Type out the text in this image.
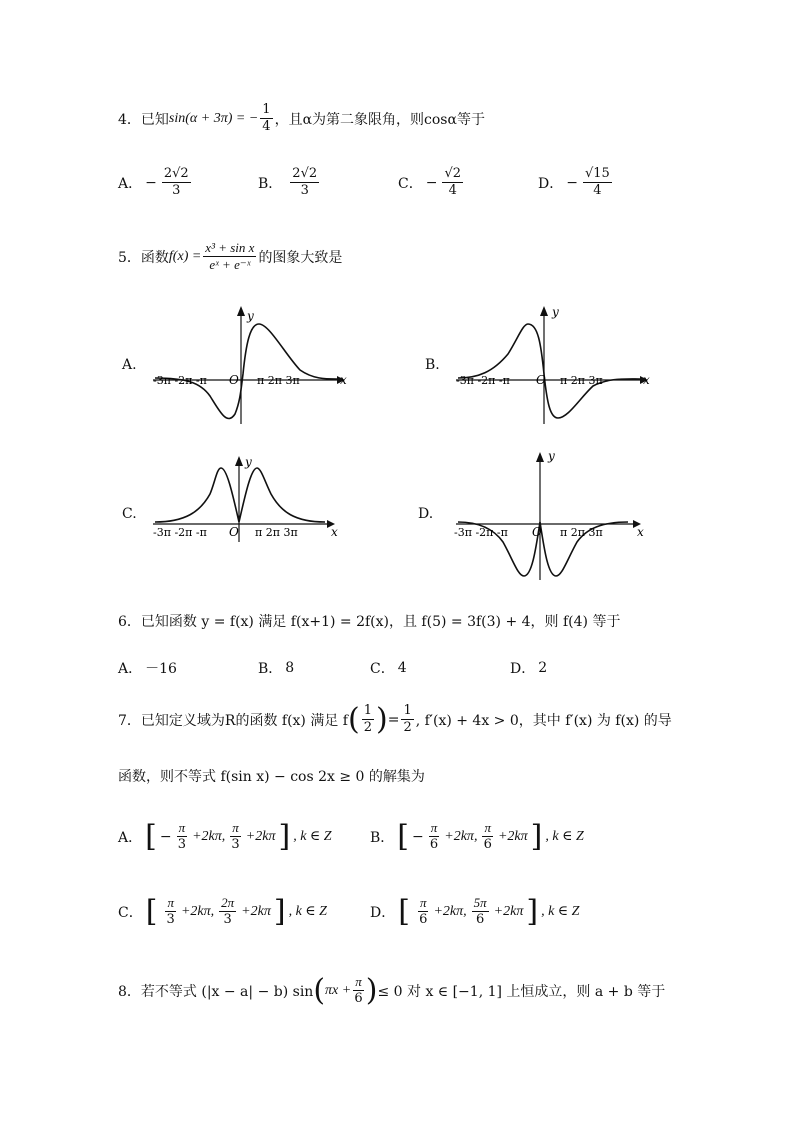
4．已知 sin(α + 3π) = − $\frac{1}{4}$ ，且α为第二象限角，则cosα等于
A． − $\frac{2√2}{3}$	B． $\frac{2√2}{3}$	C． − $\frac{√2}{4}$	D． − $\frac{√15}{4}$
5．函数 $f(x) = \frac{\text{x³ + sin x}}{\text{eˣ + e⁻ˣ}}$ 的图象大致是
A.	B.
C.	D.
y
x
O
-3π -2π -π	π 2π 3π
y
x
O
-3π -2π -π	π 2π 3π
y
x
O
-3π -2π -π	π 2π 3π
y
x
O
-3π -2π -π	π 2π 3π
6．已知函数 y = f(x) 满足 f(x+1) = 2f(x)，且 f(5) = 3f(3) + 4，则 f(4) 等于
A． －16	B． 8	C． 4	D． 2
7．已知定义域为R的函数 f(x) 满足 f ( $\frac{1}{2}$ ) = $\frac{1}{2}$ , f′(x) + 4x > 0，其中 f′(x) 为 f(x) 的导
函数，则不等式 f(sin x) − cos 2x ≥ 0 的解集为
A． [ − $\frac{\pi}{3} +2k\pi$, $\frac{\pi}{3} +2k\pi$ ] , k ∈ Z	B． [ − $\frac{\pi}{6} +2k\pi$, $\frac{\pi}{6} +2k\pi$ ] , k ∈ Z
C． [ $\frac{\pi}{3} +2k\pi$, $\frac{2\pi}{3} +2k\pi$ ] , k ∈ Z	D． [ $\frac{\pi}{6} +2k\pi$, $\frac{5\pi}{6} +2k\pi$ ] , k ∈ Z
8．若不等式 (|x − a| − b) sin ( $\pi x + \frac{\pi}{6}$ ) ≤ 0 对 x ∈ [−1, 1] 上恒成立，则 a + b 等于
